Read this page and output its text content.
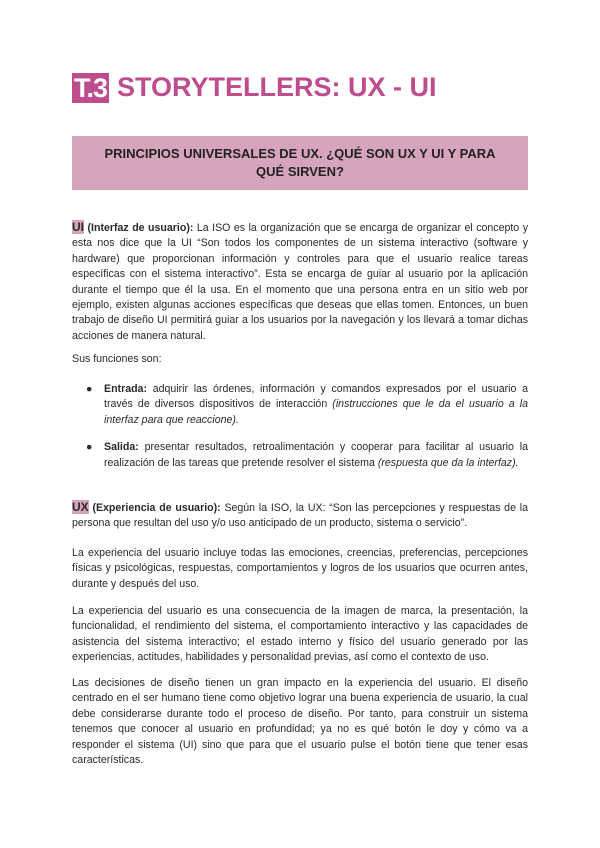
T.3 STORYTELLERS: UX - UI
PRINCIPIOS UNIVERSALES DE UX. ¿QUÉ SON UX Y UI Y PARA QUÉ SIRVEN?
UI (Interfaz de usuario): La ISO es la organización que se encarga de organizar el concepto y esta nos dice que la UI “Son todos los componentes de un sistema interactivo (software y hardware) que proporcionan información y controles para que el usuario realice tareas específicas con el sistema interactivo”. Esta se encarga de guiar al usuario por la aplicación durante el tiempo que él la usa. En el momento que una persona entra en un sitio web por ejemplo, existen algunas acciones específicas que deseas que ellas tomen. Entonces, un buen trabajo de diseño UI permitirá guiar a los usuarios por la navegación y los llevará a tomar dichas acciones de manera natural.
Sus funciones son:
● Entrada: adquirir las órdenes, información y comandos expresados por el usuario a través de diversos dispositivos de interacción (instrucciones que le da el usuario a la interfaz para que reaccione).
● Salida: presentar resultados, retroalimentación y cooperar para facilitar al usuario la realización de las tareas que pretende resolver el sistema (respuesta que da la interfaz).
UX (Experiencia de usuario): Según la ISO, la UX: “Son las percepciones y respuestas de la persona que resultan del uso y/o uso anticipado de un producto, sistema o servicio”.
La experiencia del usuario incluye todas las emociones, creencias, preferencias, percepciones físicas y psicológicas, respuestas, comportamientos y logros de los usuarios que ocurren antes, durante y después del uso.
La experiencia del usuario es una consecuencia de la imagen de marca, la presentación, la funcionalidad, el rendimiento del sistema, el comportamiento interactivo y las capacidades de asistencia del sistema interactivo; el estado interno y físico del usuario generado por las experiencias, actitudes, habilidades y personalidad previas, así como el contexto de uso.
Las decisiones de diseño tienen un gran impacto en la experiencia del usuario. El diseño centrado en el ser humano tiene como objetivo lograr una buena experiencia de usuario, la cual debe considerarse durante todo el proceso de diseño. Por tanto, para construir un sistema tenemos que conocer al usuario en profundidad; ya no es qué botón le doy y cómo va a responder el sistema (UI) sino que para que el usuario pulse el botón tiene que tener esas características.
